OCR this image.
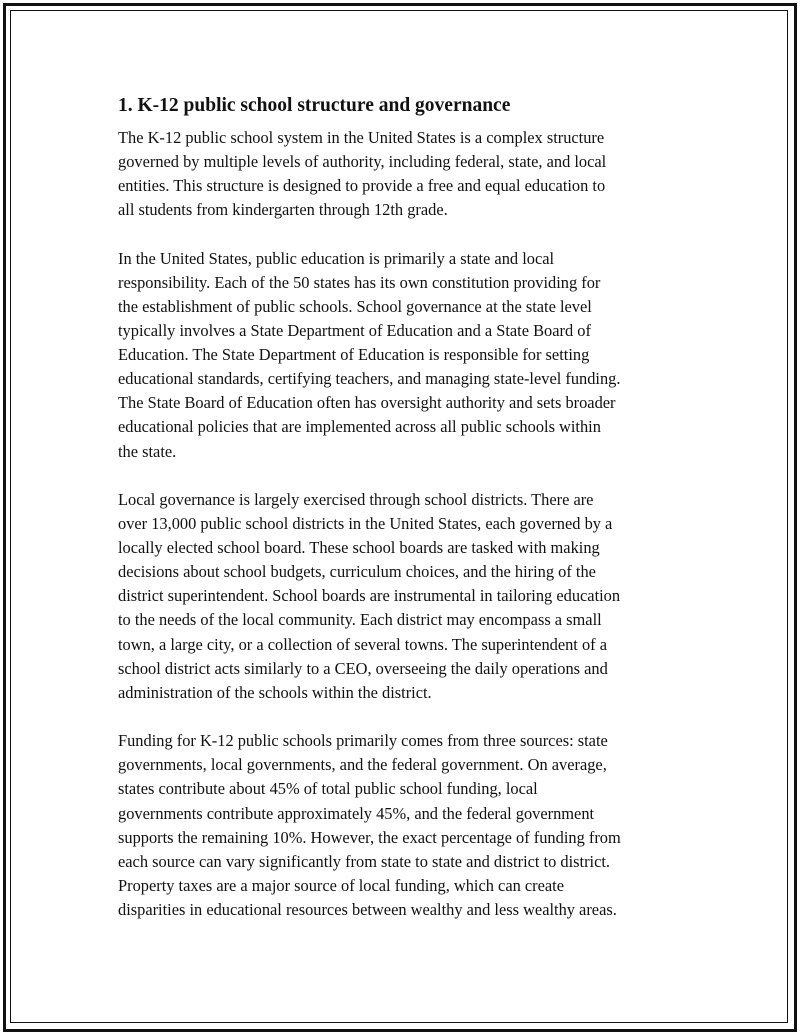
1. K-12 public school structure and governance

The K-12 public school system in the United States is a complex structure
governed by multiple levels of authority, including federal, state, and local
entities. This structure is designed to provide a free and equal education to
all students from kindergarten through 12th grade.

In the United States, public education is primarily a state and local
responsibility. Each of the 50 states has its own constitution providing for
the establishment of public schools. School governance at the state level
typically involves a State Department of Education and a State Board of
Education. The State Department of Education is responsible for setting
educational standards, certifying teachers, and managing state-level funding.
The State Board of Education often has oversight authority and sets broader
educational policies that are implemented across all public schools within
the state.

Local governance is largely exercised through school districts. There are
over 13,000 public school districts in the United States, each governed by a
locally elected school board. These school boards are tasked with making
decisions about school budgets, curriculum choices, and the hiring of the
district superintendent. School boards are instrumental in tailoring education
to the needs of the local community. Each district may encompass a small
town, a large city, or a collection of several towns. The superintendent of a
school district acts similarly to a CEO, overseeing the daily operations and
administration of the schools within the district.

Funding for K-12 public schools primarily comes from three sources: state
governments, local governments, and the federal government. On average,
states contribute about 45% of total public school funding, local
governments contribute approximately 45%, and the federal government
supports the remaining 10%. However, the exact percentage of funding from
each source can vary significantly from state to state and district to district.
Property taxes are a major source of local funding, which can create
disparities in educational resources between wealthy and less wealthy areas.
